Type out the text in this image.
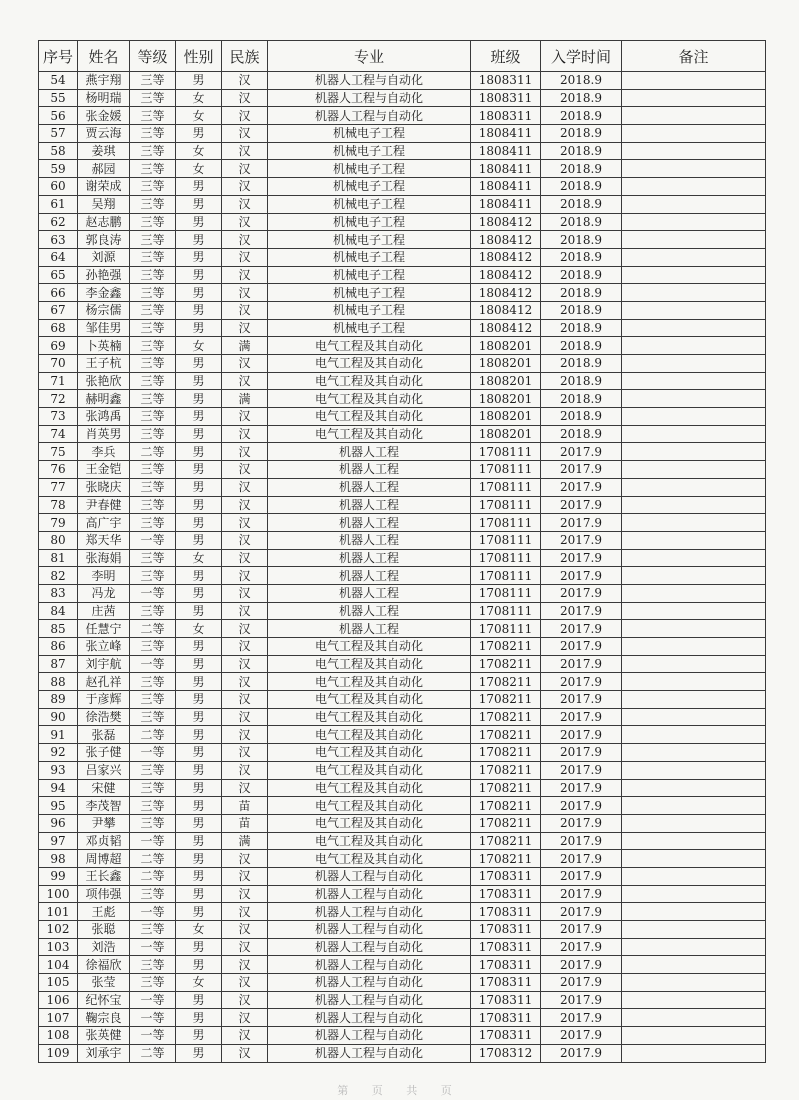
序号	姓名	等级	性别	民族	专业	班级	入学时间	备注
54	燕宇翔	三等	男	汉	机器人工程与自动化	1808311	2018.9	
55	杨明瑞	三等	女	汉	机器人工程与自动化	1808311	2018.9	
56	张金媛	三等	女	汉	机器人工程与自动化	1808311	2018.9	
57	贾云海	三等	男	汉	机械电子工程	1808411	2018.9	
58	姜琪	三等	女	汉	机械电子工程	1808411	2018.9	
59	郝园	三等	女	汉	机械电子工程	1808411	2018.9	
60	谢荣成	三等	男	汉	机械电子工程	1808411	2018.9	
61	吴翔	三等	男	汉	机械电子工程	1808411	2018.9	
62	赵志鹏	三等	男	汉	机械电子工程	1808412	2018.9	
63	郭良涛	三等	男	汉	机械电子工程	1808412	2018.9	
64	刘源	三等	男	汉	机械电子工程	1808412	2018.9	
65	孙艳强	三等	男	汉	机械电子工程	1808412	2018.9	
66	李金鑫	三等	男	汉	机械电子工程	1808412	2018.9	
67	杨宗儒	三等	男	汉	机械电子工程	1808412	2018.9	
68	邹佳男	三等	男	汉	机械电子工程	1808412	2018.9	
69	卜英楠	三等	女	满	电气工程及其自动化	1808201	2018.9	
70	王子杭	三等	男	汉	电气工程及其自动化	1808201	2018.9	
71	张艳欣	三等	男	汉	电气工程及其自动化	1808201	2018.9	
72	赫明鑫	三等	男	满	电气工程及其自动化	1808201	2018.9	
73	张鸿禹	三等	男	汉	电气工程及其自动化	1808201	2018.9	
74	肖英男	三等	男	汉	电气工程及其自动化	1808201	2018.9	
75	李兵	二等	男	汉	机器人工程	1708111	2017.9	
76	王金铠	三等	男	汉	机器人工程	1708111	2017.9	
77	张晓庆	三等	男	汉	机器人工程	1708111	2017.9	
78	尹春健	三等	男	汉	机器人工程	1708111	2017.9	
79	高广宇	三等	男	汉	机器人工程	1708111	2017.9	
80	郑天华	一等	男	汉	机器人工程	1708111	2017.9	
81	张海娟	三等	女	汉	机器人工程	1708111	2017.9	
82	李明	三等	男	汉	机器人工程	1708111	2017.9	
83	冯龙	一等	男	汉	机器人工程	1708111	2017.9	
84	庄茜	三等	男	汉	机器人工程	1708111	2017.9	
85	任慧宁	二等	女	汉	机器人工程	1708111	2017.9	
86	张立峰	三等	男	汉	电气工程及其自动化	1708211	2017.9	
87	刘宇航	一等	男	汉	电气工程及其自动化	1708211	2017.9	
88	赵孔祥	三等	男	汉	电气工程及其自动化	1708211	2017.9	
89	于彦辉	三等	男	汉	电气工程及其自动化	1708211	2017.9	
90	徐浩樊	三等	男	汉	电气工程及其自动化	1708211	2017.9	
91	张磊	二等	男	汉	电气工程及其自动化	1708211	2017.9	
92	张子健	一等	男	汉	电气工程及其自动化	1708211	2017.9	
93	吕家兴	三等	男	汉	电气工程及其自动化	1708211	2017.9	
94	宋健	三等	男	汉	电气工程及其自动化	1708211	2017.9	
95	李茂智	三等	男	苗	电气工程及其自动化	1708211	2017.9	
96	尹攀	三等	男	苗	电气工程及其自动化	1708211	2017.9	
97	邓贞韬	一等	男	满	电气工程及其自动化	1708211	2017.9	
98	周博超	二等	男	汉	电气工程及其自动化	1708211	2017.9	
99	王长鑫	二等	男	汉	机器人工程与自动化	1708311	2017.9	
100	项伟强	三等	男	汉	机器人工程与自动化	1708311	2017.9	
101	王彪	一等	男	汉	机器人工程与自动化	1708311	2017.9	
102	张聪	三等	女	汉	机器人工程与自动化	1708311	2017.9	
103	刘浩	一等	男	汉	机器人工程与自动化	1708311	2017.9	
104	徐福欣	三等	男	汉	机器人工程与自动化	1708311	2017.9	
105	张莹	三等	女	汉	机器人工程与自动化	1708311	2017.9	
106	纪怀宝	一等	男	汉	机器人工程与自动化	1708311	2017.9	
107	鞠宗良	一等	男	汉	机器人工程与自动化	1708311	2017.9	
108	张英健	一等	男	汉	机器人工程与自动化	1708311	2017.9	
109	刘承宇	二等	男	汉	机器人工程与自动化	1708312	2017.9	
第 页 共 页
